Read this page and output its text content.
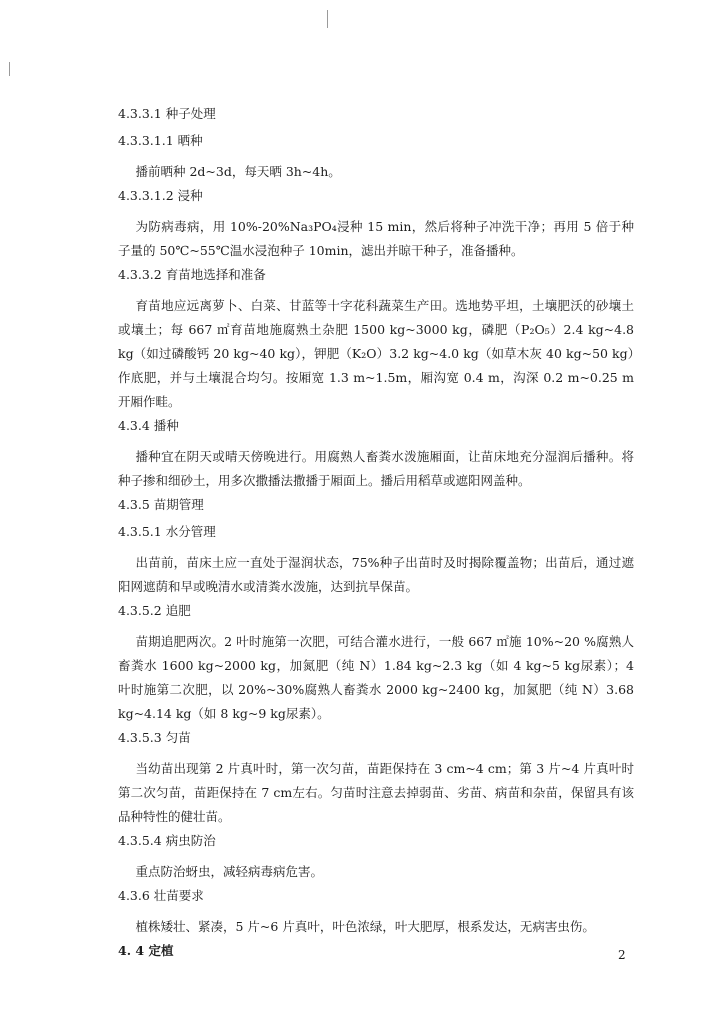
4.3.3.1 种子处理
4.3.3.1.1 晒种
播前晒种 2d~3d，每天晒 3h~4h。
4.3.3.1.2 浸种
为防病毒病，用 10%-20%Na₃PO₄浸种 15 min，然后将种子冲洗干净；再用 5 倍于种子量的 50℃~55℃温水浸泡种子 10min，滤出并晾干种子，准备播种。
4.3.3.2 育苗地选择和准备
育苗地应远离萝卜、白菜、甘蓝等十字花科蔬菜生产田。选地势平坦，土壤肥沃的砂壤土或壤土；每 667 ㎡育苗地施腐熟土杂肥 1500 kg~3000 kg，磷肥（P₂O₅）2.4 kg~4.8 kg（如过磷酸钙 20 kg~40 kg），钾肥（K₂O）3.2 kg~4.0 kg（如草木灰 40 kg~50 kg）作底肥，并与土壤混合均匀。按厢宽 1.3 m~1.5m，厢沟宽 0.4 m，沟深 0.2 m~0.25 m 开厢作畦。
4.3.4 播种
播种宜在阴天或晴天傍晚进行。用腐熟人畜粪水泼施厢面，让苗床地充分湿润后播种。将种子掺和细砂土，用多次撒播法撒播于厢面上。播后用稻草或遮阳网盖种。
4.3.5 苗期管理
4.3.5.1 水分管理
出苗前，苗床土应一直处于湿润状态，75%种子出苗时及时揭除覆盖物；出苗后，通过遮阳网遮荫和早或晚清水或清粪水泼施，达到抗旱保苗。
4.3.5.2 追肥
苗期追肥两次。2 叶时施第一次肥，可结合灌水进行，一般 667 ㎡施 10%~20 %腐熟人畜粪水 1600 kg~2000 kg，加氮肥（纯 N）1.84 kg~2.3 kg（如 4 kg~5 kg尿素）；4 叶时施第二次肥，以 20%~30%腐熟人畜粪水 2000 kg~2400 kg，加氮肥（纯 N）3.68 kg~4.14 kg（如 8 kg~9 kg尿素）。
4.3.5.3 匀苗
当幼苗出现第 2 片真叶时，第一次匀苗，苗距保持在 3 cm~4 cm；第 3 片~4 片真叶时第二次匀苗，苗距保持在 7 cm左右。匀苗时注意去掉弱苗、劣苗、病苗和杂苗，保留具有该品种特性的健壮苗。
4.3.5.4 病虫防治
重点防治蚜虫，减轻病毒病危害。
4.3.6 壮苗要求
植株矮壮、紧凑，5 片~6 片真叶，叶色浓绿，叶大肥厚，根系发达，无病害虫伤。
4. 4 定植	2
